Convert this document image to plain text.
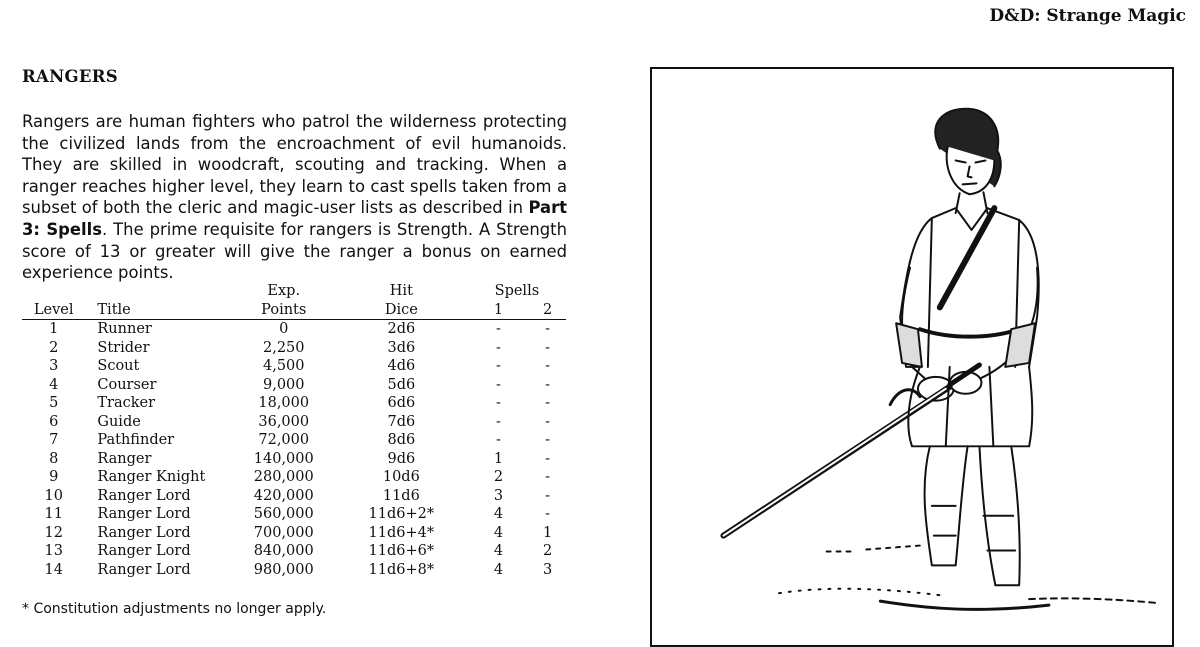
D&D: Strange Magic
RANGERS

Rangers are human fighters who patrol the wilderness protecting the civilized lands from the encroachment of evil humanoids. They are skilled in woodcraft, scouting and tracking. When a ranger reaches higher level, they learn to cast spells taken from a subset of both the cleric and magic-user lists as described in Part 3: Spells. The prime requisite for rangers is Strength. A Strength score of 13 or greater will give the ranger a bonus on earned experience points.

		Exp.	Hit	Spells	
Level	Title	Points	Dice	1	2
1	Runner	0	2d6	-	-
2	Strider	2,250	3d6	-	-
3	Scout	4,500	4d6	-	-
4	Courser	9,000	5d6	-	-
5	Tracker	18,000	6d6	-	-
6	Guide	36,000	7d6	-	-
7	Pathfinder	72,000	8d6	-	-
8	Ranger	140,000	9d6	1	-
9	Ranger Knight	280,000	10d6	2	-
10	Ranger Lord	420,000	11d6	3	-
11	Ranger Lord	560,000	11d6+2*	4	-
12	Ranger Lord	700,000	11d6+4*	4	1
13	Ranger Lord	840,000	11d6+6*	4	2
14	Ranger Lord	980,000	11d6+8*	4	3
* Constitution adjustments no longer apply.
